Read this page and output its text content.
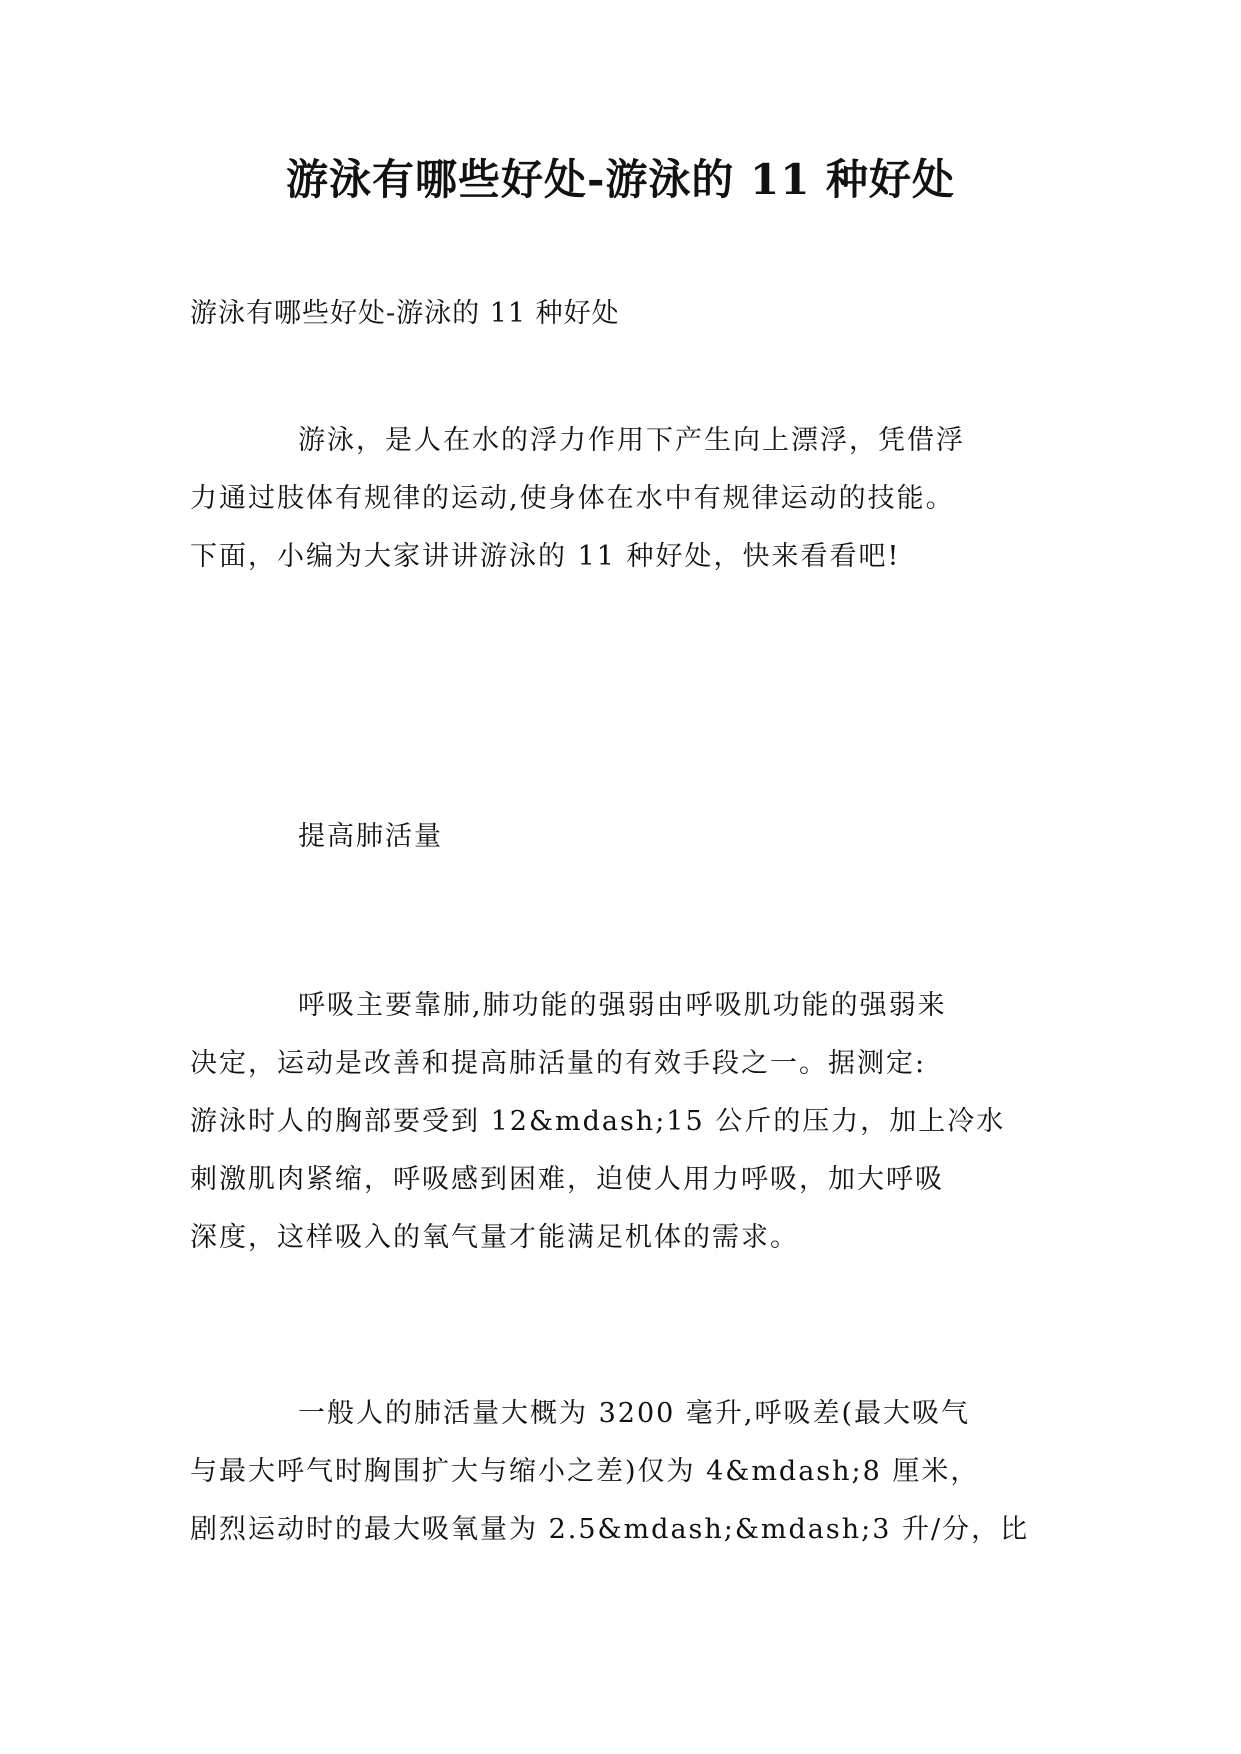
游泳有哪些好处-游泳的 11 种好处
游泳有哪些好处-游泳的 11 种好处
游泳，是人在水的浮力作用下产生向上漂浮，凭借浮
力通过肢体有规律的运动,使身体在水中有规律运动的技能。
下面，小编为大家讲讲游泳的 11 种好处，快来看看吧!
提高肺活量
呼吸主要靠肺,肺功能的强弱由呼吸肌功能的强弱来
决定，运动是改善和提高肺活量的有效手段之一。据测定:
游泳时人的胸部要受到 12&mdash;15 公斤的压力，加上冷水
刺激肌肉紧缩，呼吸感到困难，迫使人用力呼吸，加大呼吸
深度，这样吸入的氧气量才能满足机体的需求。
一般人的肺活量大概为 3200 毫升,呼吸差(最大吸气
与最大呼气时胸围扩大与缩小之差)仅为 4&mdash;8 厘米，
剧烈运动时的最大吸氧量为 2.5&mdash;&mdash;3 升/分，比
